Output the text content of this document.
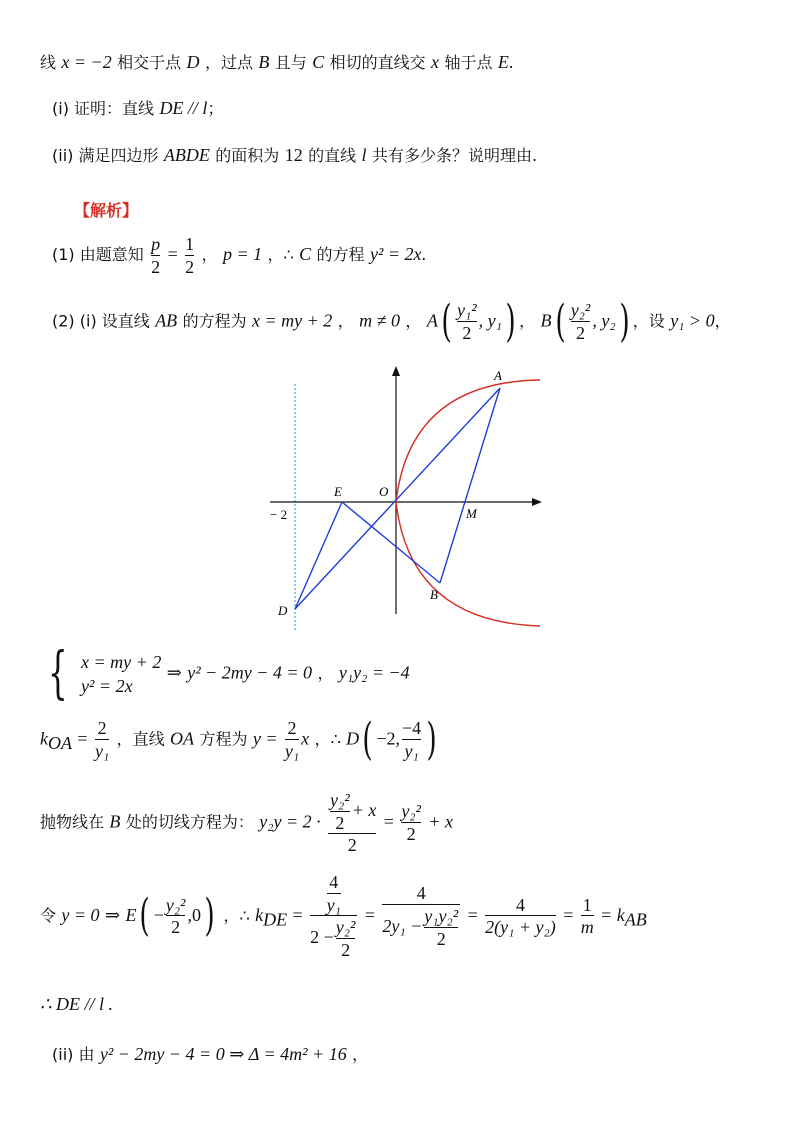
线 x = −2 相交于点 D ，过点 B 且与 C 相切的直线交 x 轴于点 E.
(i) 证明：直线 DE // l；
(ii) 满足四边形 ABDE 的面积为 12 的直线 l 共有多少条？说明理由.
【解析】
(1) 由题意知 $\frac{p}{2} = \frac{1}{2}$ ， p = 1 ，∴ C 的方程 y² = 2x.
(2) (i) 设直线 AB 的方程为 x = my + 2 ， m ≠ 0 ， $A( \frac{\text{y₁²}}{2}$ , y₁) ， $B( \frac{\text{y₂²}}{2}$ , y₂) ，设 y₁ > 0，
A
B
D
E	O
M
− 2
{ x = my + 2
y² = 2x
⇒ y² − 2my − 4 = 0 ， y₁y₂ = −4
$k_{OA} = \frac{2}{\text{y₁}}$ ，直线 OA 方程为 $y = \frac{2}{\text{y₁}}$ x ，∴ D( −2, $\frac{-4}{\text{y₁}}$ )
抛物线在 B 处的切线方程为： $y_2y = 2 \cdot \frac{\frac{\text{y₂²}}{2} + x}{2} = \frac{\text{y₂²}}{2} + x$
令 y = 0 ⇒ $E( - \frac{\text{y₂²}}{2} ,0)$ ，∴ $k_{DE} = \frac{\frac{4}{\text{y₁}}}{2 - \frac{\text{y₂²}}{2}} = \frac{4}{2y_1 - \frac{\text{y₁y₂²}}{2}} = \frac{4}{\text{2(y₁ + y₂)}} = \frac{1}{m} = k_{AB}$
∴ DE // l .
(ii) 由 y² − 2my − 4 = 0 ⇒ Δ = 4m² + 16 ，
